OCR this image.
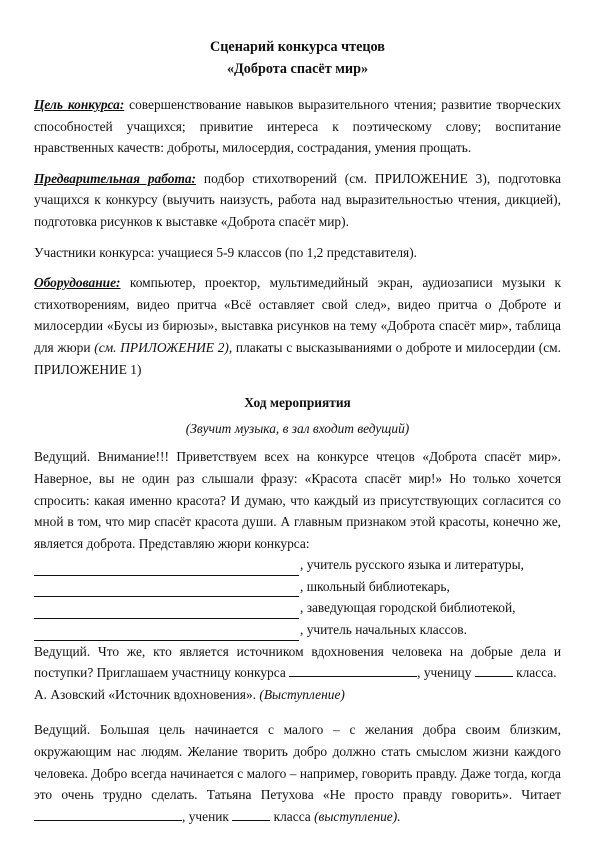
Сценарий конкурса чтецов
«Доброта спасёт мир»

Цель конкурса: совершенствование навыков выразительного чтения; развитие творческих способностей учащихся; привитие интереса к поэтическому слову; воспитание нравственных качеств: доброты, милосердия, сострадания, умения прощать.

Предварительная работа: подбор стихотворений (см. ПРИЛОЖЕНИЕ 3), подготовка учащихся к конкурсу (выучить наизусть, работа над выразительностью чтения, дикцией), подготовка рисунков к выставке «Доброта спасёт мир).

Участники конкурса: учащиеся 5-9 классов (по 1,2 представителя).

Оборудование: компьютер, проектор, мультимедийный экран, аудиозаписи музыки к стихотворениям, видео притча «Всё оставляет свой след», видео притча о Доброте и милосердии «Бусы из бирюзы», выставка рисунков на тему «Доброта спасёт мир», таблица для жюри (см. ПРИЛОЖЕНИЕ 2), плакаты с высказываниями о доброте и милосердии (см. ПРИЛОЖЕНИЕ 1)

Ход мероприятия
(Звучит музыка, в зал входит ведущий)

Ведущий. Внимание!!! Приветствуем всех на конкурсе чтецов «Доброта спасёт мир». Наверное, вы не один раз слышали фразу: «Красота спасёт мир!» Но только хочется спросить: какая именно красота? И думаю, что каждый из присутствующих согласится со мной в том, что мир спасёт красота души. А главным признаком этой красоты, конечно же, является доброта. Представляю жюри конкурса:

, учитель русского языка и литературы,
, школьный библиотекарь,
, заведующая городской библиотекой,
, учитель начальных классов.

Ведущий. Что же, кто является источником вдохновения человека на добрые дела и поступки? Приглашаем участницу конкурса	, ученицу	класса.
А. Азовский «Источник вдохновения». (Выступление)

Ведущий. Большая цель начинается с малого – с желания добра своим близким, окружающим нас людям. Желание творить добро должно стать смыслом жизни каждого человека. Добро всегда начинается с малого – например, говорить правду. Даже тогда, когда это очень трудно сделать. Татьяна Петухова «Не просто правду говорить». Читает , ученик	класса (выступление).
